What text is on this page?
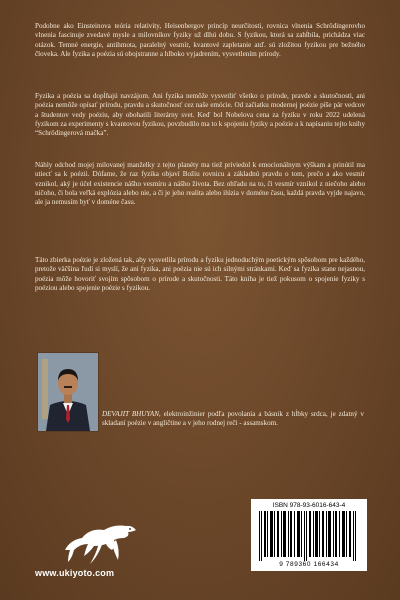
Podobne ako Einsteinova teória relativity, Heisenbergov princíp neurčitosti, rovnica vlnenia Schrödingerovho vlnenia fascinuje zvedavé mysle a milovníkov fyziky už dlhú dobu. S fyzikou, ktorá sa zahĺbila, prichádza viac otázok. Temné energie, antihmota, paralelný vesmír, kvantové zapletanie atď. sú zložitou fyzikou pre bežného človeka. Ale fyzika a poézia sú obojstranne a hlboko vyjadrením, vysvetlením prírody.

Fyzika a poézia sa dopĺňajú navzájom. Ani fyzika nemôže vysvetliť všetko o prírode, pravde a skutočnosti, ani poézia nemôže opísať prírodu, pravdu a skutočnosť cez naše emócie. Od začiatku modernej poézie píše pár vedcov a študentov vedy poéziu, aby obohatili literárny svet. Keď bol Nobelova cena za fyziku v roku 2022 udelená fyzikom za experimenty s kvantovou fyzikou, povzbudilo ma to k spojeniu fyziky a poézie a k napísaniu tejto knihy “Schrödingerová mačka”.

Náhly odchod mojej milovanej manželky z tejto planéty ma tiež priviedol k emocionálnym výškam a prinútil ma utiecť sa k poézii. Dúfame, že raz fyzika objaví Božiu rovnicu a základnú pravdu o tom, prečo a ako vesmír vznikol, aký je účel existencie nášho vesmíru a nášho života. Bez ohľadu na to, či vesmír vznikol z niečoho alebo ničoho, či bola veľká explózia alebo nie, a či je jeho realita alebo ilúzia v doméne času, každá pravda vyjde najavo, ale ja nemusím byť v doméne času.

Táto zbierka poézie je zložená tak, aby vysvetlila prírodu a fyziku jednoduchým poetickým spôsobom pre každého, pretože väčšina ľudí si myslí, že ani fyzika, ani poézia nie sú ich silnými stránkami. Keď sa fyzika stane nejasnou, poézia môže hovoriť svojím spôsobom o prírode a skutočnosti. Táto kniha je tiež pokusom o spojenie fyziky s poéziou alebo spojenie poézie s fyzikou.

DEVAJIT BHUYAN, elektroinžinier podľa povolania a básnik z hĺbky srdca, je zdatný v skladaní poézie v angličtine a v jeho rodnej reči - assamskom.

www.ukiyoto.com
ISBN 978-93-6016-643-4
9 789360 166434
